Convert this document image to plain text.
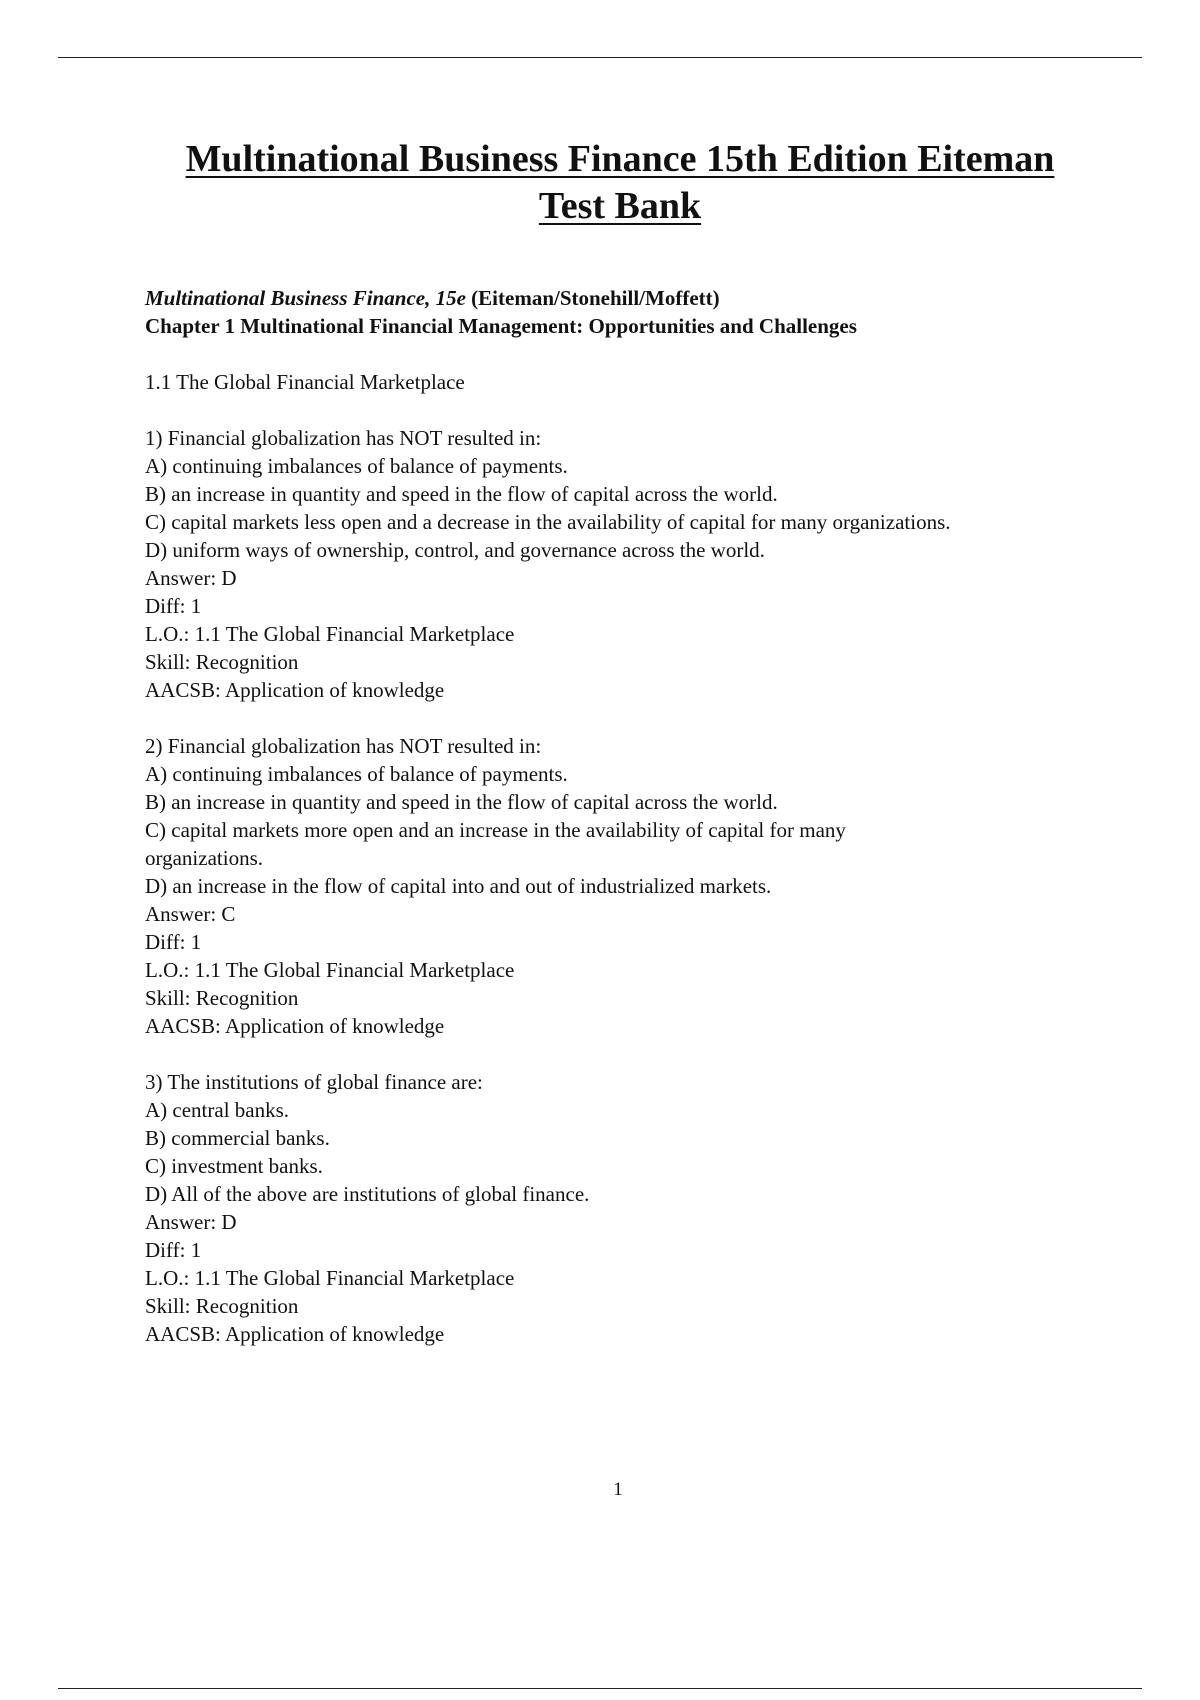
Multinational Business Finance 15th Edition Eiteman
Test Bank
Multinational Business Finance, 15e (Eiteman/Stonehill/Moffett)
Chapter 1 Multinational Financial Management: Opportunities and Challenges
1.1 The Global Financial Marketplace
1) Financial globalization has NOT resulted in:
A) continuing imbalances of balance of payments.
B) an increase in quantity and speed in the flow of capital across the world.
C) capital markets less open and a decrease in the availability of capital for many organizations.
D) uniform ways of ownership, control, and governance across the world.
Answer: D
Diff: 1
L.O.: 1.1 The Global Financial Marketplace
Skill: Recognition
AACSB: Application of knowledge
2) Financial globalization has NOT resulted in:
A) continuing imbalances of balance of payments.
B) an increase in quantity and speed in the flow of capital across the world.
C) capital markets more open and an increase in the availability of capital for many
organizations.
D) an increase in the flow of capital into and out of industrialized markets.
Answer: C
Diff: 1
L.O.: 1.1 The Global Financial Marketplace
Skill: Recognition
AACSB: Application of knowledge
3) The institutions of global finance are:
A) central banks.
B) commercial banks.
C) investment banks.
D) All of the above are institutions of global finance.
Answer: D
Diff: 1
L.O.: 1.1 The Global Financial Marketplace
Skill: Recognition
AACSB: Application of knowledge
1
